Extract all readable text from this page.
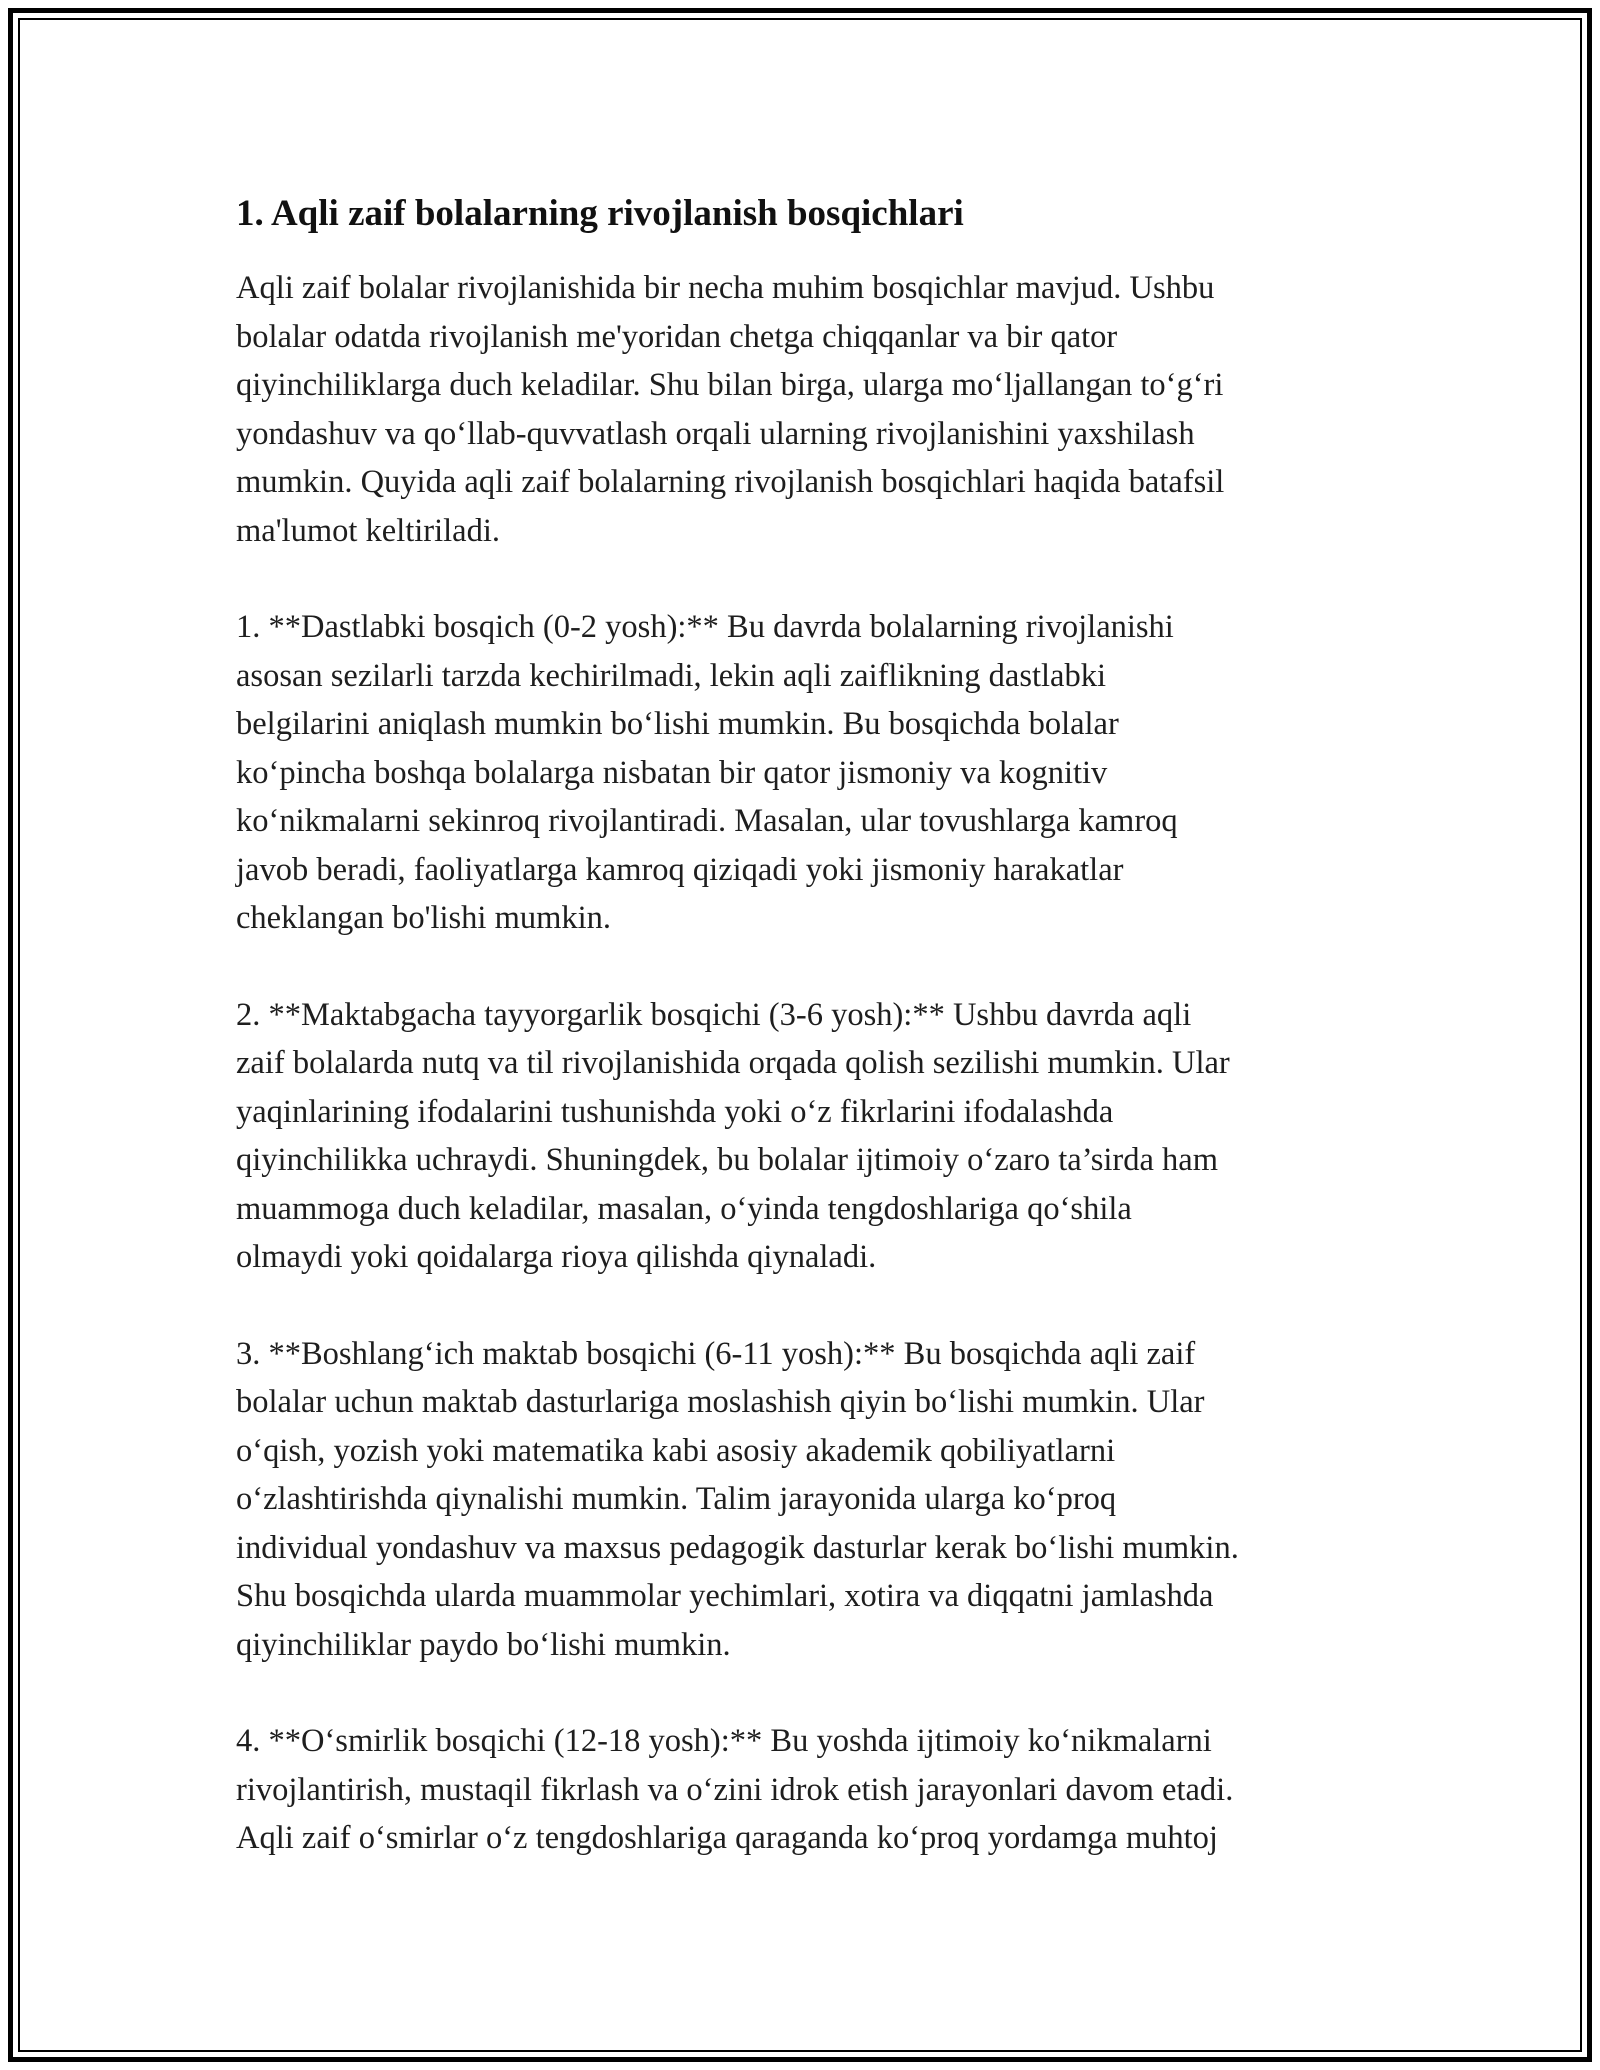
1. Aqli zaif bolalarning rivojlanish bosqichlari

Aqli zaif bolalar rivojlanishida bir necha muhim bosqichlar mavjud. Ushbu
bolalar odatda rivojlanish me'yoridan chetga chiqqanlar va bir qator
qiyinchiliklarga duch keladilar. Shu bilan birga, ularga mo‘ljallangan to‘g‘ri
yondashuv va qo‘llab-quvvatlash orqali ularning rivojlanishini yaxshilash
mumkin. Quyida aqli zaif bolalarning rivojlanish bosqichlari haqida batafsil
ma'lumot keltiriladi.

1. **Dastlabki bosqich (0-2 yosh):** Bu davrda bolalarning rivojlanishi
asosan sezilarli tarzda kechirilmadi, lekin aqli zaiflikning dastlabki
belgilarini aniqlash mumkin bo‘lishi mumkin. Bu bosqichda bolalar
ko‘pincha boshqa bolalarga nisbatan bir qator jismoniy va kognitiv
ko‘nikmalarni sekinroq rivojlantiradi. Masalan, ular tovushlarga kamroq
javob beradi, faoliyatlarga kamroq qiziqadi yoki jismoniy harakatlar
cheklangan bo'lishi mumkin.

2. **Maktabgacha tayyorgarlik bosqichi (3-6 yosh):** Ushbu davrda aqli
zaif bolalarda nutq va til rivojlanishida orqada qolish sezilishi mumkin. Ular
yaqinlarining ifodalarini tushunishda yoki o‘z fikrlarini ifodalashda
qiyinchilikka uchraydi. Shuningdek, bu bolalar ijtimoiy o‘zaro ta’sirda ham
muammoga duch keladilar, masalan, o‘yinda tengdoshlariga qo‘shila
olmaydi yoki qoidalarga rioya qilishda qiynaladi.

3. **Boshlang‘ich maktab bosqichi (6-11 yosh):** Bu bosqichda aqli zaif
bolalar uchun maktab dasturlariga moslashish qiyin bo‘lishi mumkin. Ular
o‘qish, yozish yoki matematika kabi asosiy akademik qobiliyatlarni
o‘zlashtirishda qiynalishi mumkin. Talim jarayonida ularga ko‘proq
individual yondashuv va maxsus pedagogik dasturlar kerak bo‘lishi mumkin.
Shu bosqichda ularda muammolar yechimlari, xotira va diqqatni jamlashda
qiyinchiliklar paydo bo‘lishi mumkin.

4. **O‘smirlik bosqichi (12-18 yosh):** Bu yoshda ijtimoiy ko‘nikmalarni
rivojlantirish, mustaqil fikrlash va o‘zini idrok etish jarayonlari davom etadi.
Aqli zaif o‘smirlar o‘z tengdoshlariga qaraganda ko‘proq yordamga muhtoj
